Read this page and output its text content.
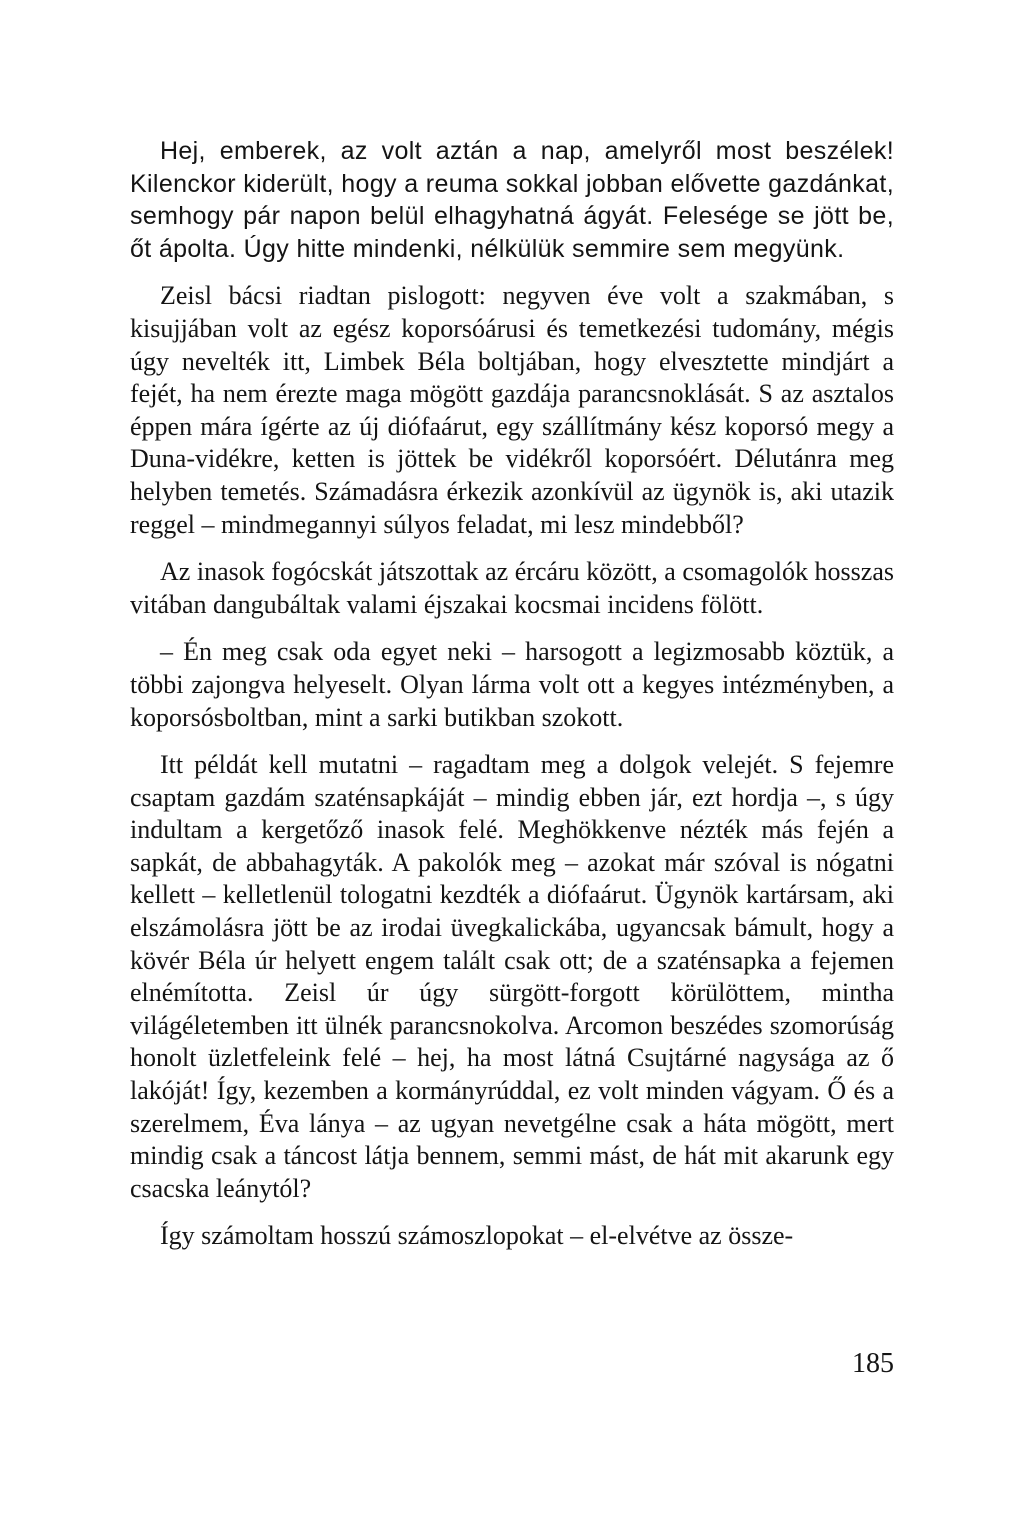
Hej, emberek, az volt aztán a nap, amelyről most beszélek! Kilenckor kiderült, hogy a reuma sokkal jobban elővette gazdánkat, semhogy pár napon belül elhagyhatná ágyát. Felesége se jött be, őt ápolta. Úgy hitte mindenki, nélkülük semmire sem megyünk.

Zeisl bácsi riadtan pislogott: negyven éve volt a szakmában, s kisujjában volt az egész koporsóárusi és temetkezési tudomány, mégis úgy nevelték itt, Limbek Béla boltjában, hogy elvesztette mindjárt a fejét, ha nem érezte maga mögött gazdája parancsnoklását. S az asztalos éppen mára ígérte az új diófaárut, egy szállítmány kész koporsó megy a Duna-vidékre, ketten is jöttek be vidékről koporsóért. Délutánra meg helyben temetés. Számadásra érkezik azonkívül az ügynök is, aki utazik reggel – mindmegannyi súlyos feladat, mi lesz mindebből?

Az inasok fogócskát játszottak az ércáru között, a csomagolók hosszas vitában dangubáltak valami éjszakai kocsmai incidens fölött.

– Én meg csak oda egyet neki – harsogott a legizmosabb köztük, a többi zajongva helyeselt. Olyan lárma volt ott a kegyes intézményben, a koporsósboltban, mint a sarki butikban szokott.

Itt példát kell mutatni – ragadtam meg a dolgok velejét. S fejemre csaptam gazdám szaténsapkáját – mindig ebben jár, ezt hordja –, s úgy indultam a kergetőző inasok felé. Meghökkenve nézték más fején a sapkát, de abbahagyták. A pakolók meg – azokat már szóval is nógatni kellett – kelletlenül tologatni kezdték a diófaárut. Ügynök kartársam, aki elszámolásra jött be az irodai üvegkalickába, ugyancsak bámult, hogy a kövér Béla úr helyett engem talált csak ott; de a szaténsapka a fejemen elnémította. Zeisl úr úgy sürgött-forgott körülöttem, mintha világéletemben itt ülnék parancsnokolva. Arcomon beszédes szomorúság honolt üzletfeleink felé – hej, ha most látná Csujtárné nagysága az ő lakóját! Így, kezemben a kormányrúddal, ez volt minden vágyam. Ő és a szerelmem, Éva lánya – az ugyan nevetgélne csak a háta mögött, mert mindig csak a táncost látja bennem, semmi mást, de hát mit akarunk egy csacska leánytól?

Így számoltam hosszú számoszlopokat – el-elvétve az össze-

185
